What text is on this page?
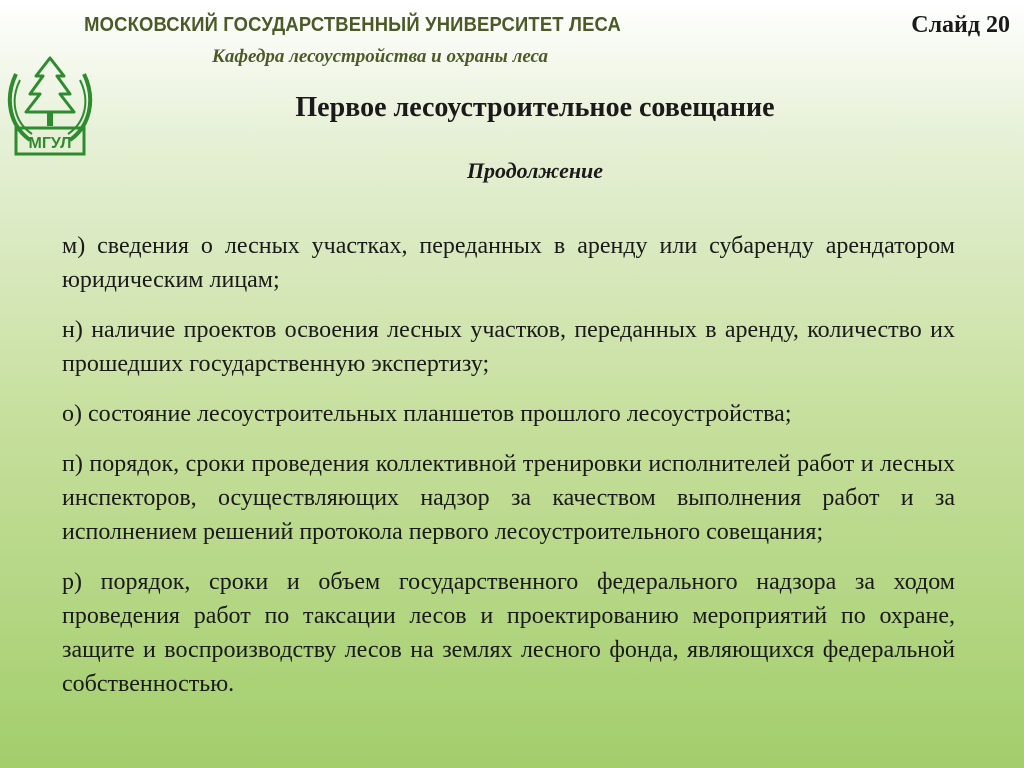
МОСКОВСКИЙ ГОСУДАРСТВЕННЫЙ УНИВЕРСИТЕТ ЛЕСА
Кафедра лесоустройства и охраны леса
Слайд 20
МГУЛ
Первое лесоустроительное совещание
Продолжение

м) сведения о лесных участках, переданных в аренду или субаренду арендатором юридическим лицам;

н) наличие проектов освоения лесных участков, переданных в аренду, количество их прошедших государственную экспертизу;

о) состояние лесоустроительных планшетов прошлого лесоустройства;

п) порядок, сроки проведения коллективной тренировки исполнителей работ и лесных инспекторов, осуществляющих надзор за качеством выполнения работ и за исполнением решений протокола первого лесоустроительного совещания;

р) порядок, сроки и объем государственного федерального надзора за ходом проведения работ по таксации лесов и проектированию мероприятий по охране, защите и воспроизводству лесов на землях лесного фонда, являющихся федеральной собственностью.
